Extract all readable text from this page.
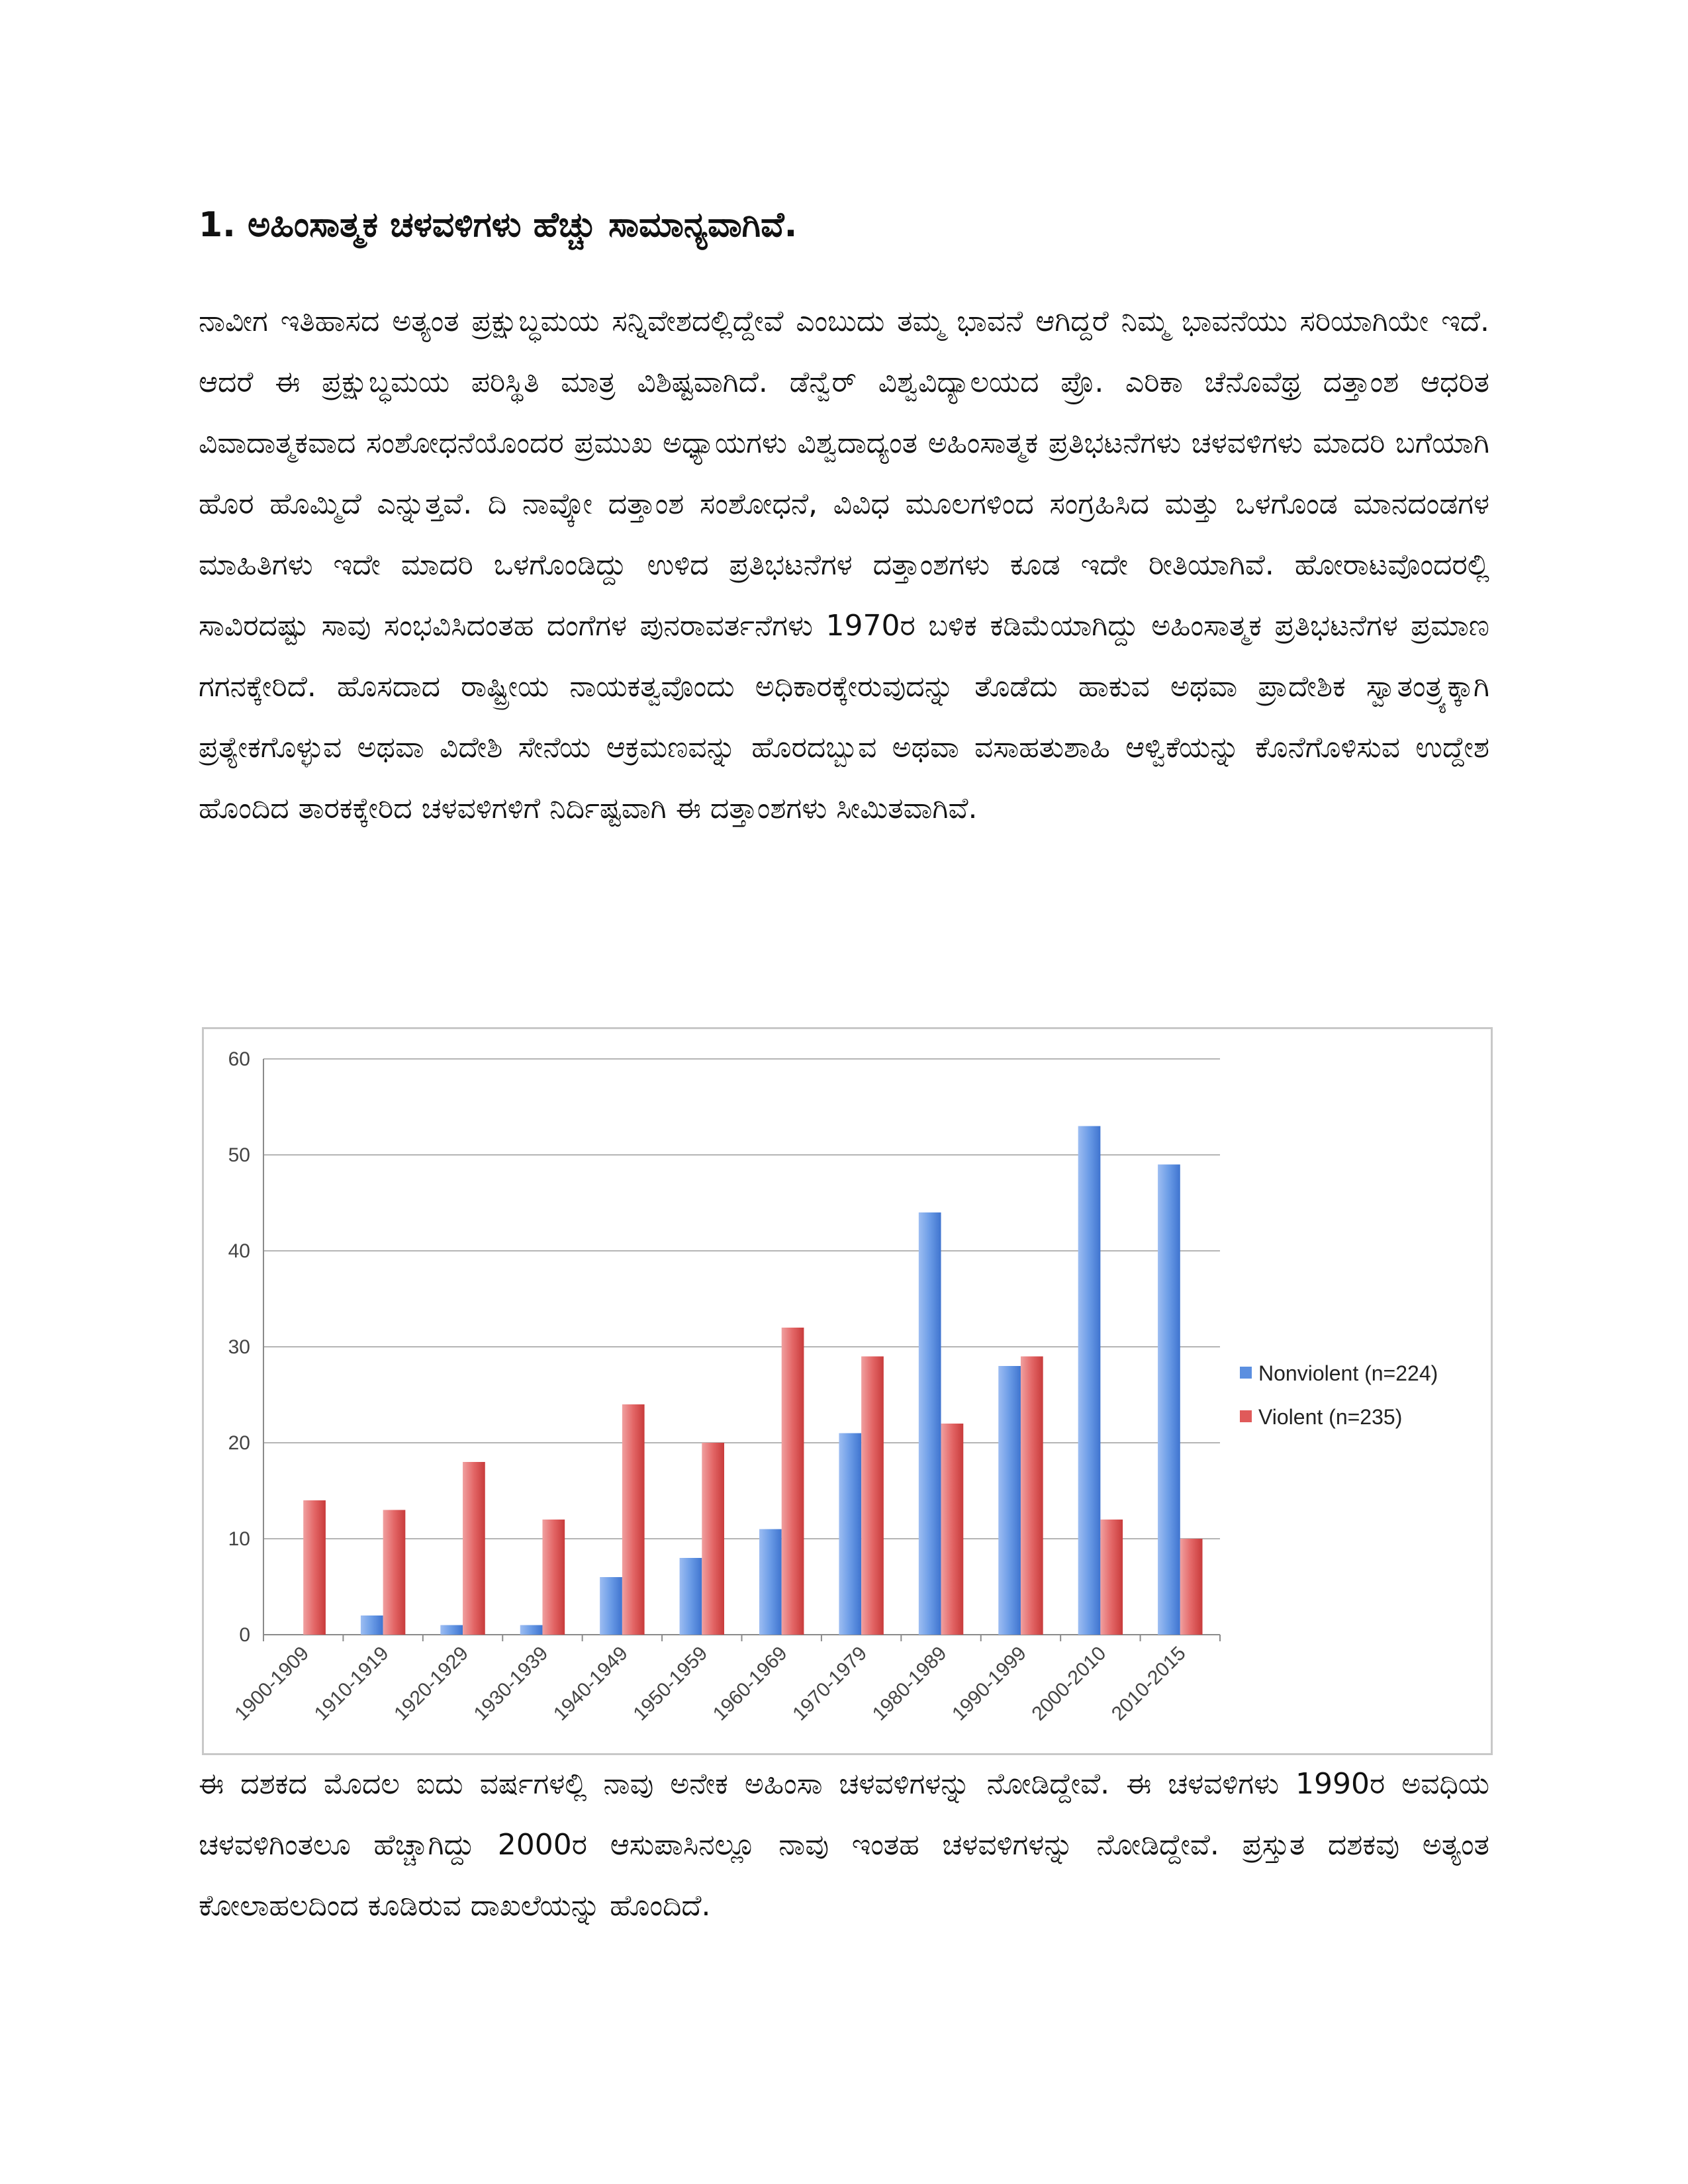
1. ಅಹಿಂಸಾತ್ಮಕ ಚಳವಳಿಗಳು ಹೆಚ್ಚು ಸಾಮಾನ್ಯವಾಗಿವೆ.

ನಾವೀಗ ಇತಿಹಾಸದ ಅತ್ಯಂತ ಪ್ರಕ್ಷುಬ್ಧಮಯ ಸನ್ನಿವೇಶದಲ್ಲಿದ್ದೇವೆ ಎಂಬುದು ತಮ್ಮ ಭಾವನೆ ಆಗಿದ್ದರೆ ನಿಮ್ಮ ಭಾವನೆಯು ಸರಿಯಾಗಿಯೇ ಇದೆ. ಆದರೆ ಈ ಪ್ರಕ್ಷುಬ್ಧಮಯ ಪರಿಸ್ಥಿತಿ ಮಾತ್ರ ವಿಶಿಷ್ಟವಾಗಿದೆ. ಡೆನ್ವೆರ್ ವಿಶ್ವವಿದ್ಯಾಲಯದ ಪ್ರೊ. ಎರಿಕಾ ಚೆನೊವೆಥ್ರ ದತ್ತಾಂಶ ಆಧರಿತ ವಿವಾದಾತ್ಮಕವಾದ ಸಂಶೋಧನೆಯೊಂದರ ಪ್ರಮುಖ ಅಧ್ಯಾಯಗಳು ವಿಶ್ವದಾದ್ಯಂತ ಅಹಿಂಸಾತ್ಮಕ ಪ್ರತಿಭಟನೆಗಳು ಚಳವಳಿಗಳು ಮಾದರಿ ಬಗೆಯಾಗಿ ಹೊರ ಹೊಮ್ಮಿದೆ ಎನ್ನುತ್ತವೆ. ದಿ ನಾವ್ಕೋ ದತ್ತಾಂಶ ಸಂಶೋಧನೆ, ವಿವಿಧ ಮೂಲಗಳಿಂದ ಸಂಗ್ರಹಿಸಿದ ಮತ್ತು ಒಳಗೊಂಡ ಮಾನದಂಡಗಳ ಮಾಹಿತಿಗಳು ಇದೇ ಮಾದರಿ ಒಳಗೊಂಡಿದ್ದು ಉಳಿದ ಪ್ರತಿಭಟನೆಗಳ ದತ್ತಾಂಶಗಳು ಕೂಡ ಇದೇ ರೀತಿಯಾಗಿವೆ. ಹೋರಾಟವೊಂದರಲ್ಲಿ ಸಾವಿರದಷ್ಟು ಸಾವು ಸಂಭವಿಸಿದಂತಹ ದಂಗೆಗಳ ಪುನರಾವರ್ತನೆಗಳು 1970ರ ಬಳಿಕ ಕಡಿಮೆಯಾಗಿದ್ದು ಅಹಿಂಸಾತ್ಮಕ ಪ್ರತಿಭಟನೆಗಳ ಪ್ರಮಾಣ ಗಗನಕ್ಕೇರಿದೆ. ಹೊಸದಾದ ರಾಷ್ಟ್ರೀಯ ನಾಯಕತ್ವವೊಂದು ಅಧಿಕಾರಕ್ಕೇರುವುದನ್ನು ತೊಡೆದು ಹಾಕುವ ಅಥವಾ ಪ್ರಾದೇಶಿಕ ಸ್ವಾತಂತ್ರ್ಯಕ್ಕಾಗಿ ಪ್ರತ್ಯೇಕಗೊಳ್ಳುವ ಅಥವಾ ವಿದೇಶಿ ಸೇನೆಯ ಆಕ್ರಮಣವನ್ನು ಹೊರದಬ್ಬುವ ಅಥವಾ ವಸಾಹತುಶಾಹಿ ಆಳ್ವಿಕೆಯನ್ನು ಕೊನೆಗೊಳಿಸುವ ಉದ್ದೇಶ ಹೊಂದಿದ ತಾರಕಕ್ಕೇರಿದ ಚಳವಳಿಗಳಿಗೆ ನಿರ್ದಿಷ್ಟವಾಗಿ ಈ ದತ್ತಾಂಶಗಳು ಸೀಮಿತವಾಗಿವೆ.

0
10
20
30
40
50
60
1900-1909
1910-1919
1920-1929
1930-1939
1940-1949
1950-1959
1960-1969
1970-1979
1980-1989
1990-1999
2000-2010
2010-2015
Nonviolent (n=224)
Violent (n=235)

ಈ ದಶಕದ ಮೊದಲ ಐದು ವರ್ಷಗಳಲ್ಲಿ ನಾವು ಅನೇಕ ಅಹಿಂಸಾ ಚಳವಳಿಗಳನ್ನು ನೋಡಿದ್ದೇವೆ. ಈ ಚಳವಳಿಗಳು 1990ರ ಅವಧಿಯ ಚಳವಳಿಗಿಂತಲೂ ಹೆಚ್ಚಾಗಿದ್ದು 2000ರ ಆಸುಪಾಸಿನಲ್ಲೂ ನಾವು ಇಂತಹ ಚಳವಳಿಗಳನ್ನು ನೋಡಿದ್ದೇವೆ. ಪ್ರಸ್ತುತ ದಶಕವು ಅತ್ಯಂತ ಕೋಲಾಹಲದಿಂದ ಕೂಡಿರುವ ದಾಖಲೆಯನ್ನು ಹೊಂದಿದೆ.
